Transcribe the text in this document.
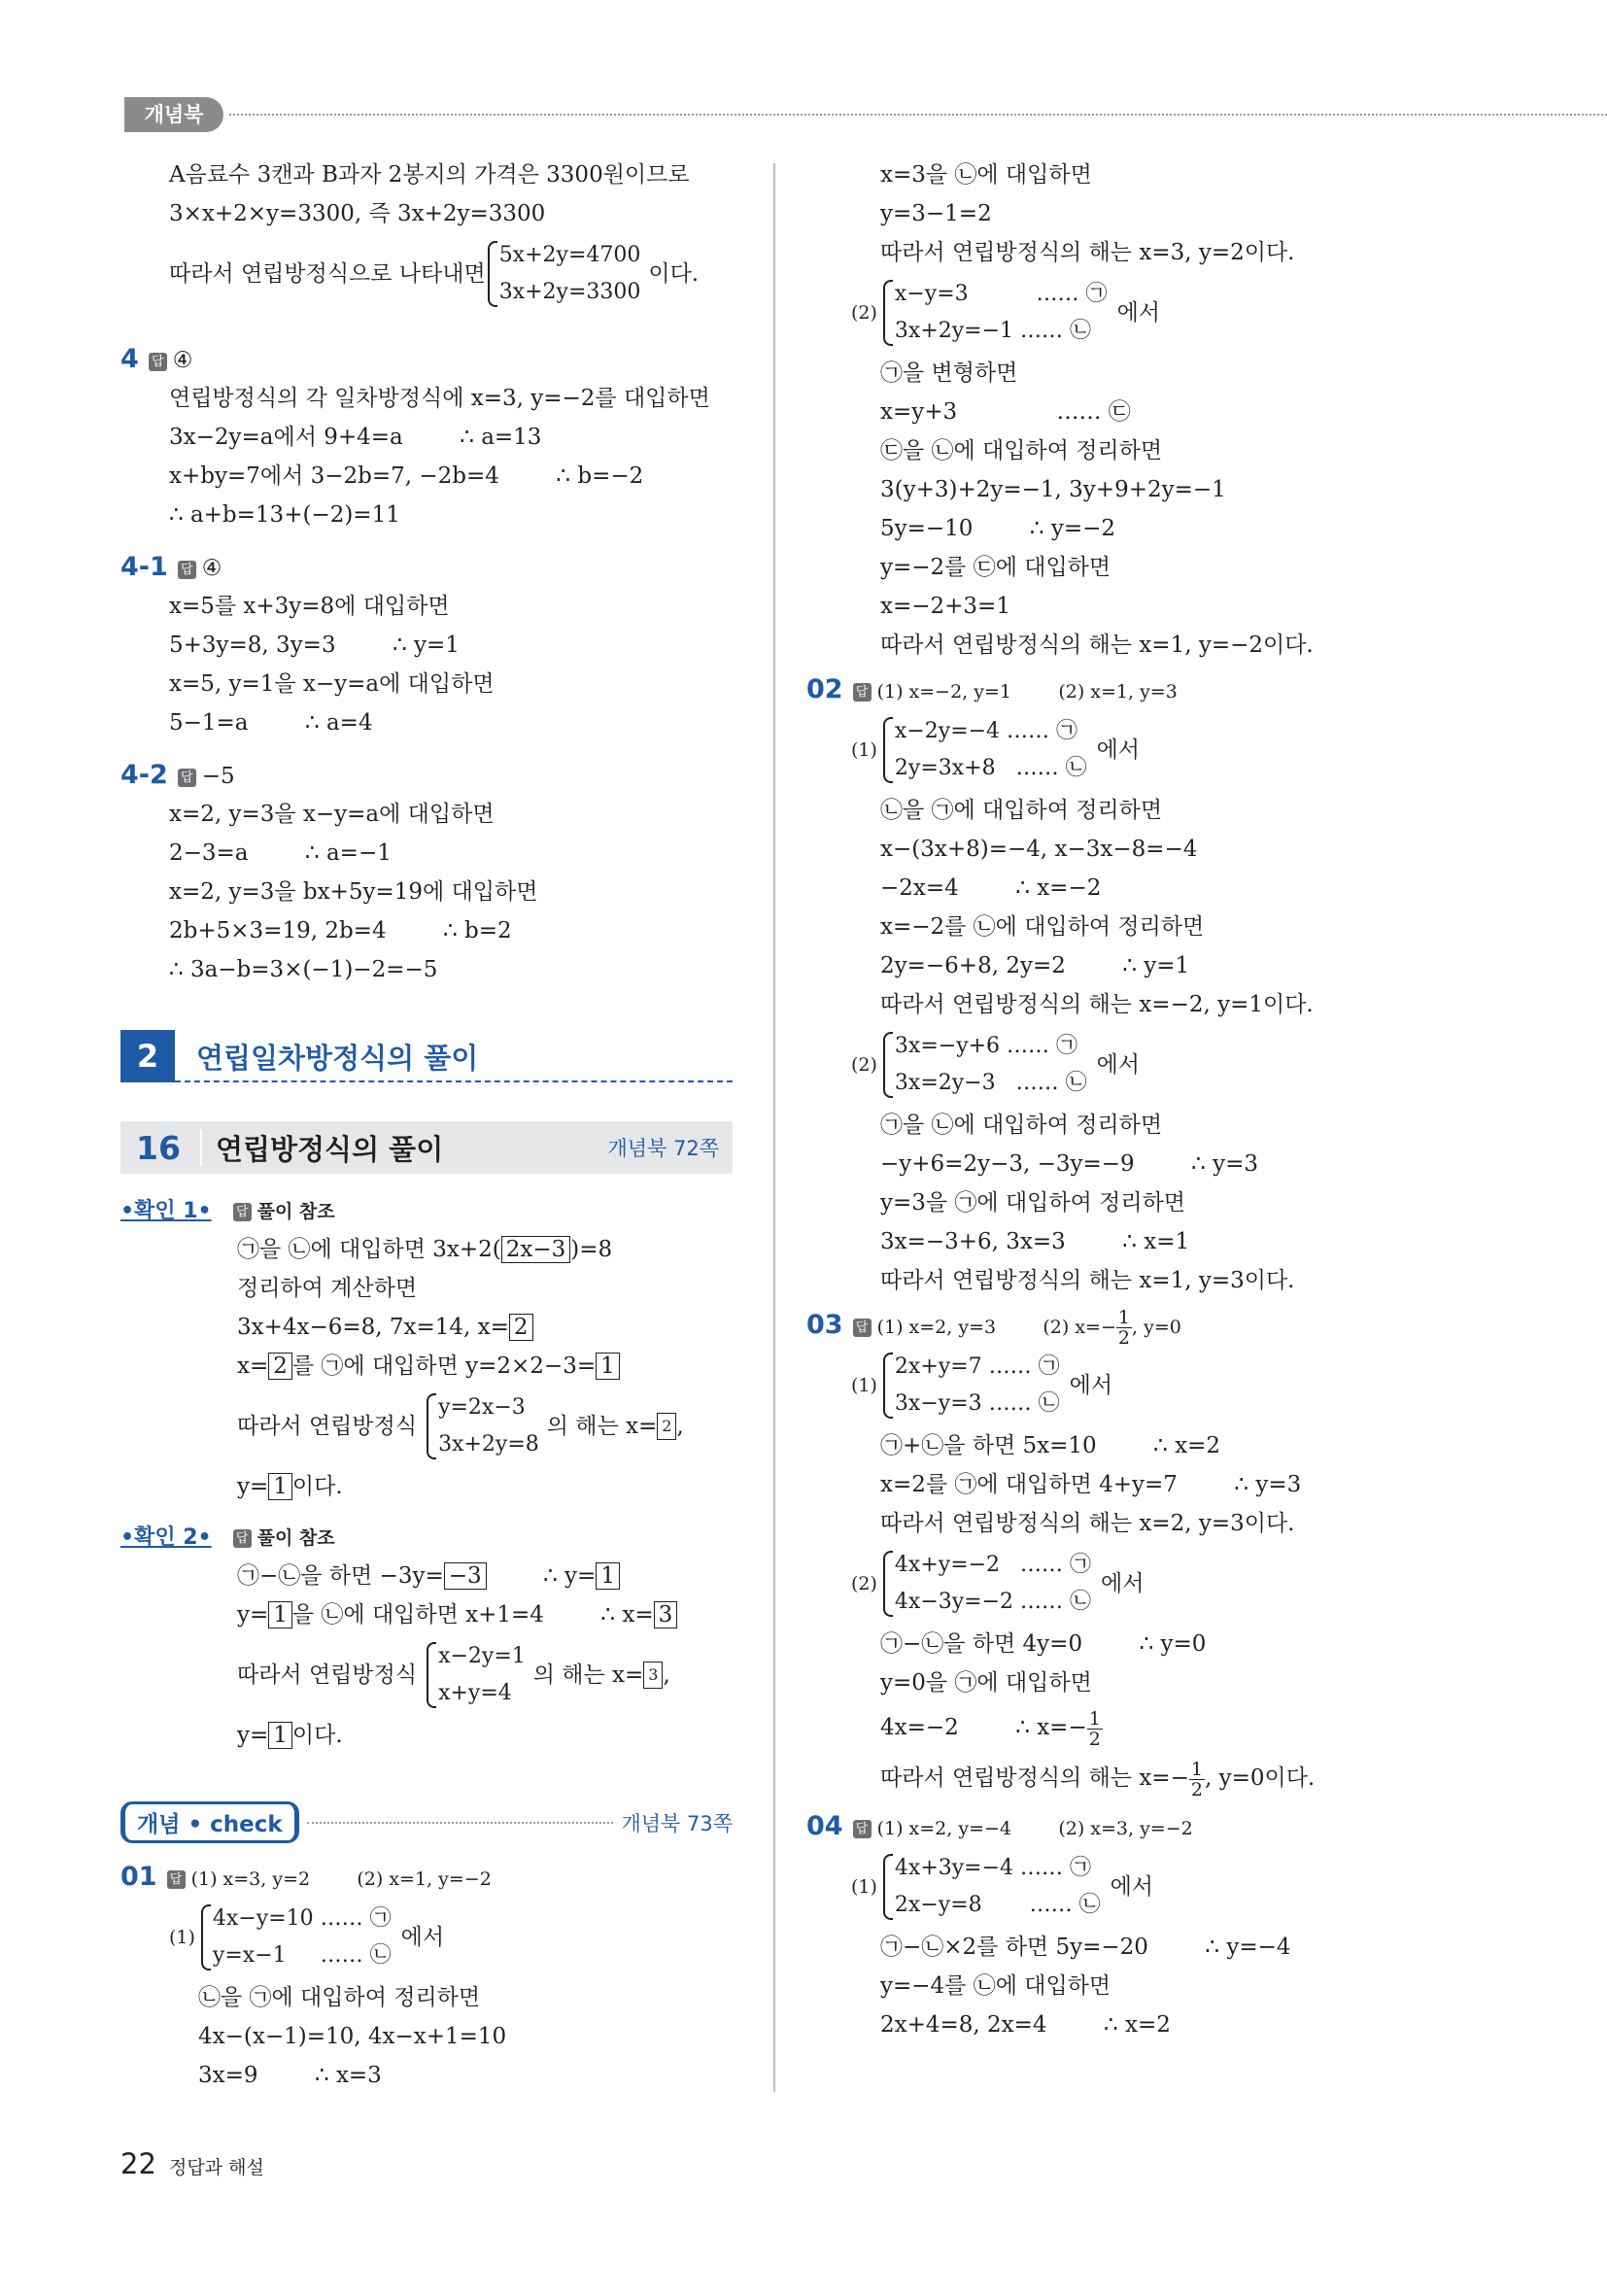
개념북
A음료수 3캔과 B과자 2봉지의 가격은 3300원이므로
3×x+2×y=3300, 즉 3x+2y=3300
따라서 연립방정식으로 나타내면
5x+2y=4700
3x+2y=3300
이다.
4 답 ④
연립방정식의 각 일차방정식에 x=3, y=−2를 대입하면
3x−2y=a에서 9+4=a        ∴ a=13
x+by=7에서 3−2b=7, −2b=4        ∴ b=−2
∴ a+b=13+(−2)=11
4-1 답 ④
x=5를 x+3y=8에 대입하면
5+3y=8, 3y=3        ∴ y=1
x=5, y=1을 x−y=a에 대입하면
5−1=a        ∴ a=4
4-2 답 −5
x=2, y=3을 x−y=a에 대입하면
2−3=a        ∴ a=−1
x=2, y=3을 bx+5y=19에 대입하면
2b+5×3=19, 2b=4        ∴ b=2
∴ 3a−b=3×(−1)−2=−5
2	연립일차방정식의 풀이
16	연립방정식의 풀이	개념북 72쪽
•확인 1• 답 풀이 참조
㉠을 ㉡에 대입하면 3x+2( 2x−3 )=8
정리하여 계산하면
3x+4x−6=8, 7x=14, x= 2
x= 2 를 ㉠에 대입하면 y=2×2−3= 1
따라서 연립방정식
y=2x−3
3x+2y=8
의 해는 x= 2 ,
y= 1 이다.
•확인 2• 답 풀이 참조
㉠−㉡을 하면 −3y= −3        ∴ y= 1
y= 1 을 ㉡에 대입하면 x+1=4        ∴ x= 3
따라서 연립방정식
x−2y=1
x+y=4
의 해는 x= 3 ,
y= 1 이다.
개념 • check	개념북 73쪽
01 답 (1) x=3, y=2        (2) x=1, y=−2
(1)
4x−y=10 …… ㉠
y=x−1     …… ㉡
에서
㉡을 ㉠에 대입하여 정리하면
4x−(x−1)=10, 4x−x+1=10
3x=9        ∴ x=3
x=3을 ㉡에 대입하면
y=3−1=2
따라서 연립방정식의 해는 x=3, y=2이다.
(2)
x−y=3          …… ㉠
3x+2y=−1 …… ㉡
에서
㉠을 변형하면
x=y+3              …… ㉢
㉢을 ㉡에 대입하여 정리하면
3(y+3)+2y=−1, 3y+9+2y=−1
5y=−10        ∴ y=−2
y=−2를 ㉢에 대입하면
x=−2+3=1
따라서 연립방정식의 해는 x=1, y=−2이다.
02 답 (1) x=−2, y=1        (2) x=1, y=3
(1)
x−2y=−4 …… ㉠
2y=3x+8   …… ㉡
에서
㉡을 ㉠에 대입하여 정리하면
x−(3x+8)=−4, x−3x−8=−4
−2x=4        ∴ x=−2
x=−2를 ㉡에 대입하여 정리하면
2y=−6+8, 2y=2        ∴ y=1
따라서 연립방정식의 해는 x=−2, y=1이다.
(2)
3x=−y+6 …… ㉠
3x=2y−3   …… ㉡
에서
㉠을 ㉡에 대입하여 정리하면
−y+6=2y−3, −3y=−9        ∴ y=3
y=3을 ㉠에 대입하여 정리하면
3x=−3+6, 3x=3        ∴ x=1
따라서 연립방정식의 해는 x=1, y=3이다.
03 답 (1) x=2, y=3        (2) $x=- \frac{1}{2}$ , y=0
(1)
2x+y=7 …… ㉠
3x−y=3 …… ㉡
에서
㉠+㉡을 하면 5x=10        ∴ x=2
x=2를 ㉠에 대입하면 4+y=7        ∴ y=3
따라서 연립방정식의 해는 x=2, y=3이다.
(2)
4x+y=−2   …… ㉠
4x−3y=−2 …… ㉡
에서
㉠−㉡을 하면 4y=0        ∴ y=0
y=0을 ㉠에 대입하면
4x=−2        ∴ $x=- \frac{1}{2}$
따라서 연립방정식의 해는 $x=- \frac{1}{2}$ , y=0이다.
04 답 (1) x=2, y=−4        (2) x=3, y=−2
(1)
4x+3y=−4 …… ㉠
2x−y=8       …… ㉡
에서
㉠−㉡×2를 하면 5y=−20        ∴ y=−4
y=−4를 ㉡에 대입하면
2x+4=8, 2x=4        ∴ x=2
22 정답과 해설
